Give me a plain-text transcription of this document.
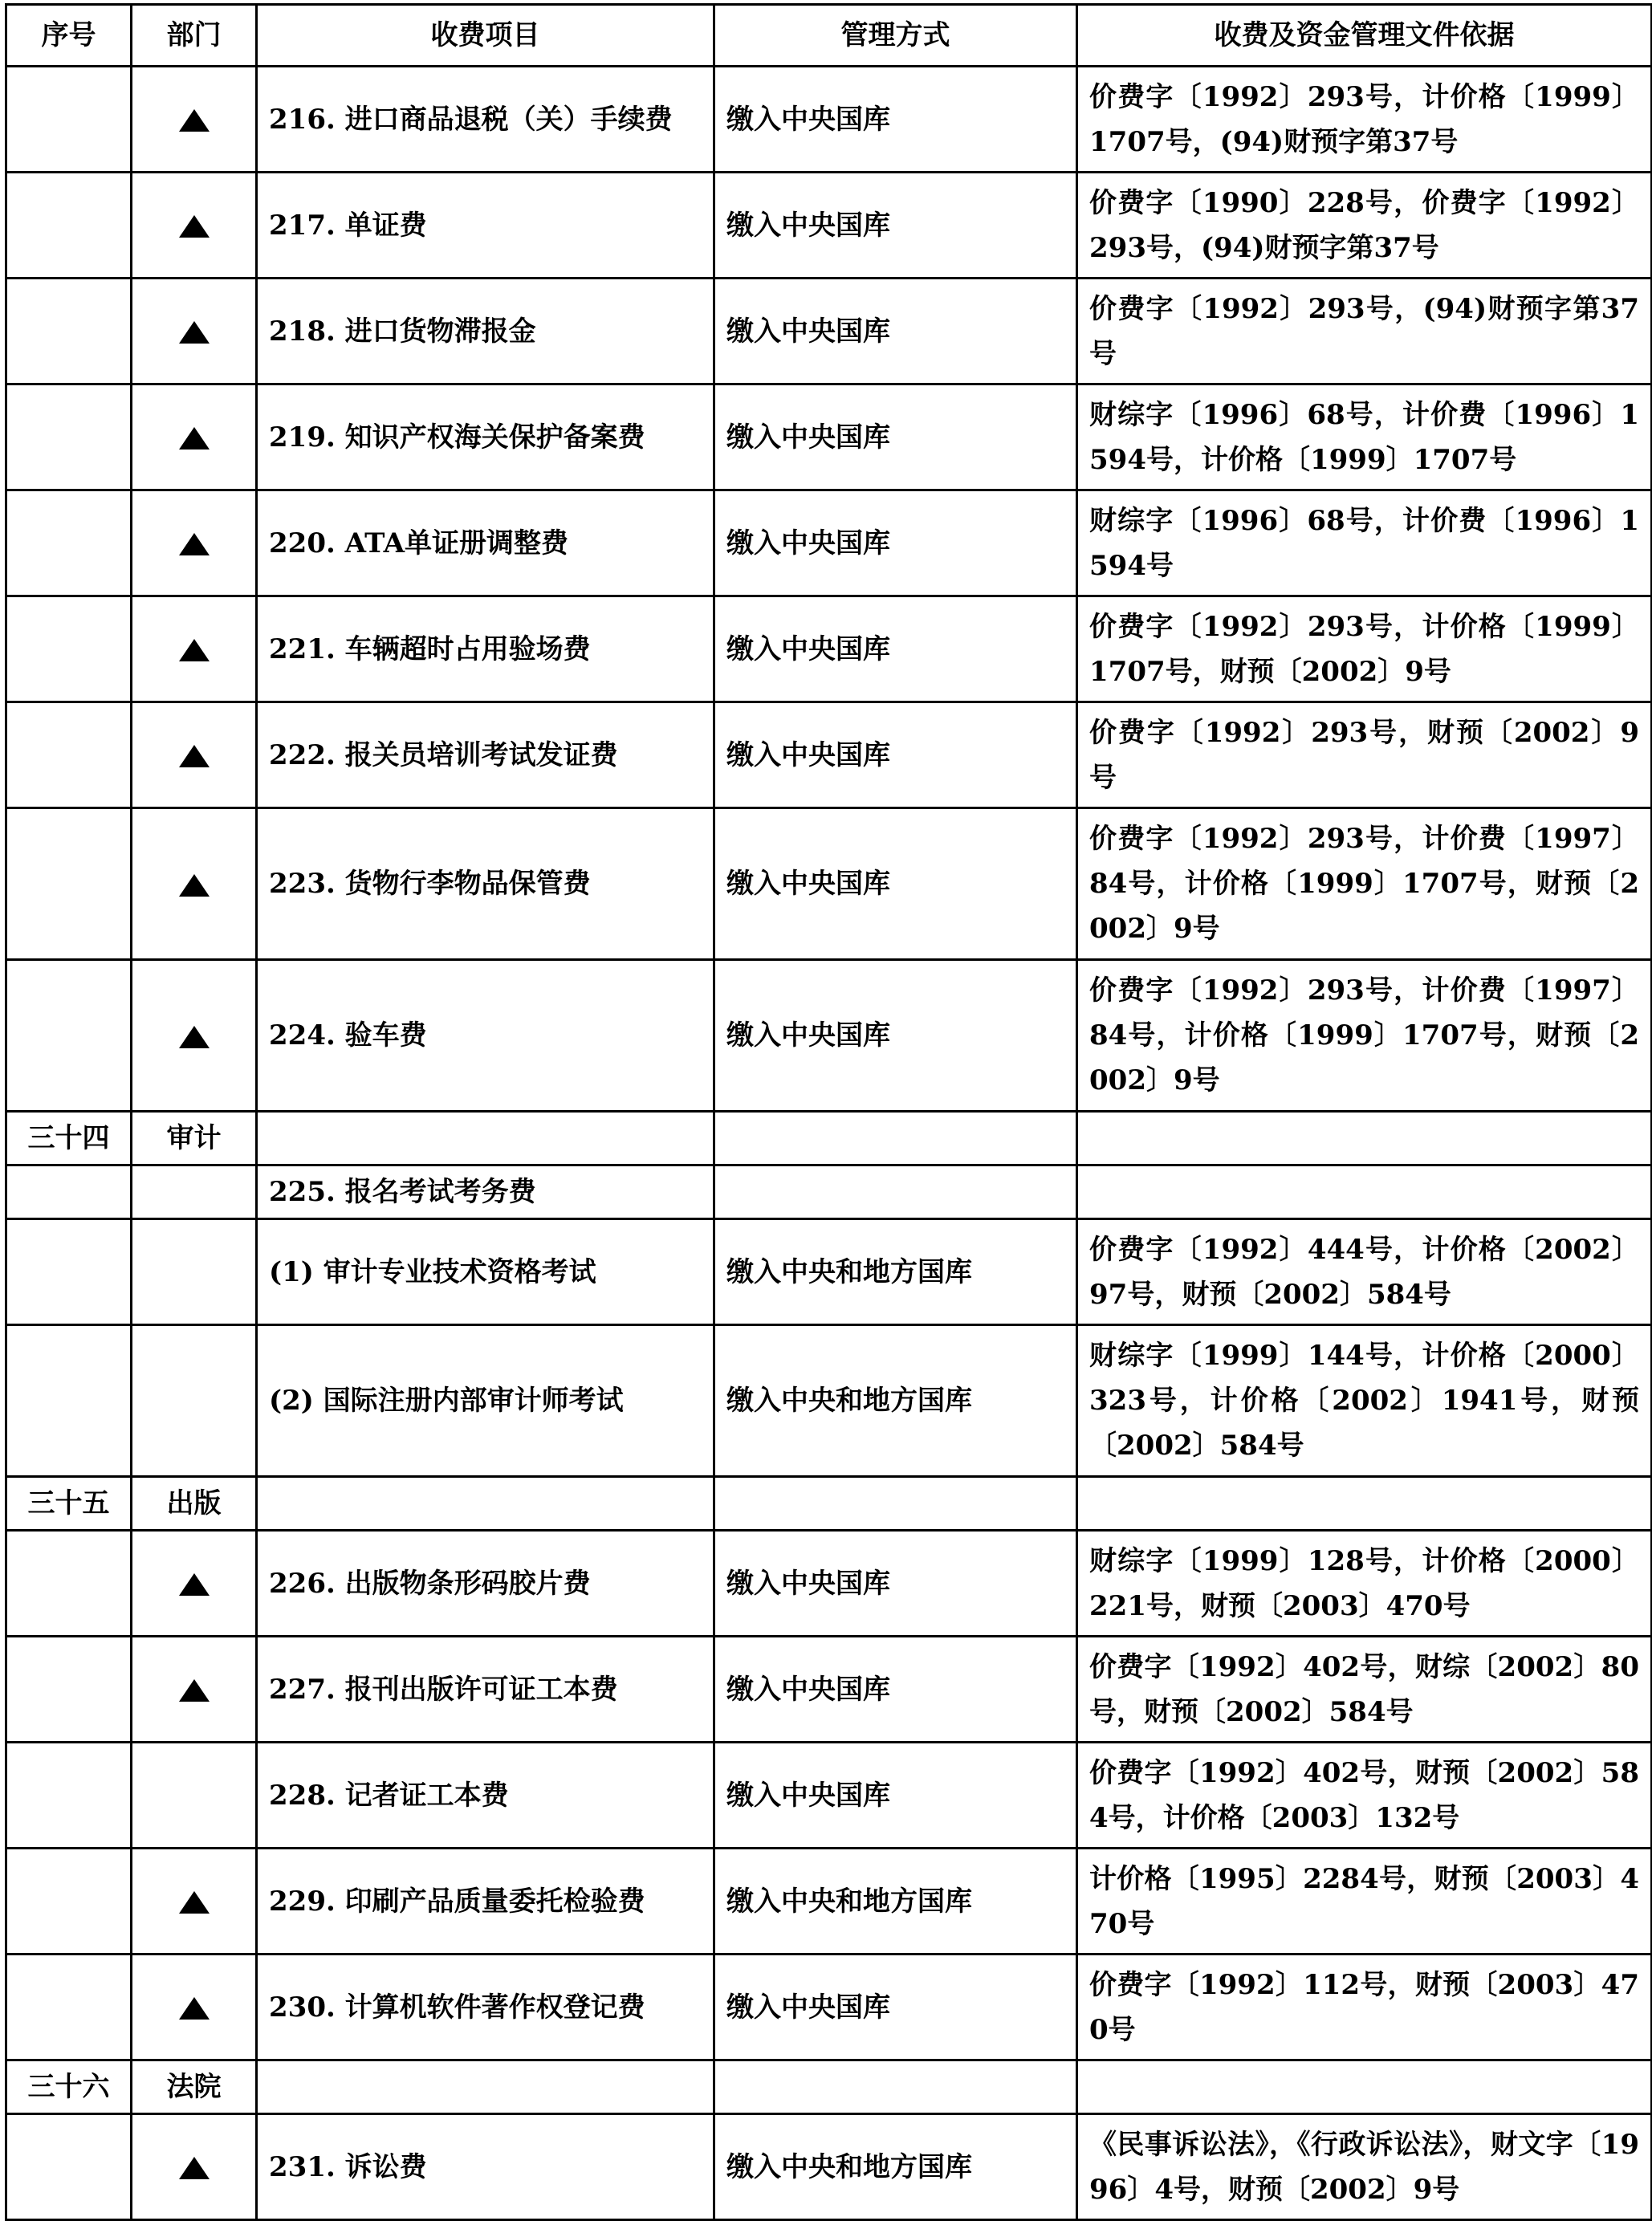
序号	部门	收费项目	管理方式	收费及资金管理文件依据
		216. 进口商品退税（关）手续费	缴入中央国库	价费字〔1992〕293号，计价格〔1999〕1707号，(94)财预字第37号
		217. 单证费	缴入中央国库	价费字〔1990〕228号，价费字〔1992〕293号，(94)财预字第37号
		218. 进口货物滞报金	缴入中央国库	价费字〔1992〕293号，(94)财预字第37号
		219. 知识产权海关保护备案费	缴入中央国库	财综字〔1996〕68号，计价费〔1996〕1594号，计价格〔1999〕1707号
		220. ATA单证册调整费	缴入中央国库	财综字〔1996〕68号，计价费〔1996〕1594号
		221. 车辆超时占用验场费	缴入中央国库	价费字〔1992〕293号，计价格〔1999〕1707号，财预〔2002〕9号
		222. 报关员培训考试发证费	缴入中央国库	价费字〔1992〕293号，财预〔2002〕9号
		223. 货物行李物品保管费	缴入中央国库	价费字〔1992〕293号，计价费〔1997〕84号，计价格〔1999〕1707号，财预〔2002〕9号
		224. 验车费	缴入中央国库	价费字〔1992〕293号，计价费〔1997〕84号，计价格〔1999〕1707号，财预〔2002〕9号
三十四	审计			
		225. 报名考试考务费		
		(1) 审计专业技术资格考试	缴入中央和地方国库	价费字〔1992〕444号，计价格〔2002〕97号，财预〔2002〕584号
		(2) 国际注册内部审计师考试	缴入中央和地方国库	财综字〔1999〕144号，计价格〔2000〕323号，计价格〔2002〕1941号，财预〔2002〕584号
三十五	出版			
		226. 出版物条形码胶片费	缴入中央国库	财综字〔1999〕128号，计价格〔2000〕221号，财预〔2003〕470号
		227. 报刊出版许可证工本费	缴入中央国库	价费字〔1992〕402号，财综〔2002〕80号，财预〔2002〕584号
		228. 记者证工本费	缴入中央国库	价费字〔1992〕402号，财预〔2002〕584号，计价格〔2003〕132号
		229. 印刷产品质量委托检验费	缴入中央和地方国库	计价格〔1995〕2284号，财预〔2003〕470号
		230. 计算机软件著作权登记费	缴入中央国库	价费字〔1992〕112号，财预〔2003〕470号
三十六	法院			
		231. 诉讼费	缴入中央和地方国库	《民事诉讼法》，《行政诉讼法》，财文字〔1996〕4号，财预〔2002〕9号
